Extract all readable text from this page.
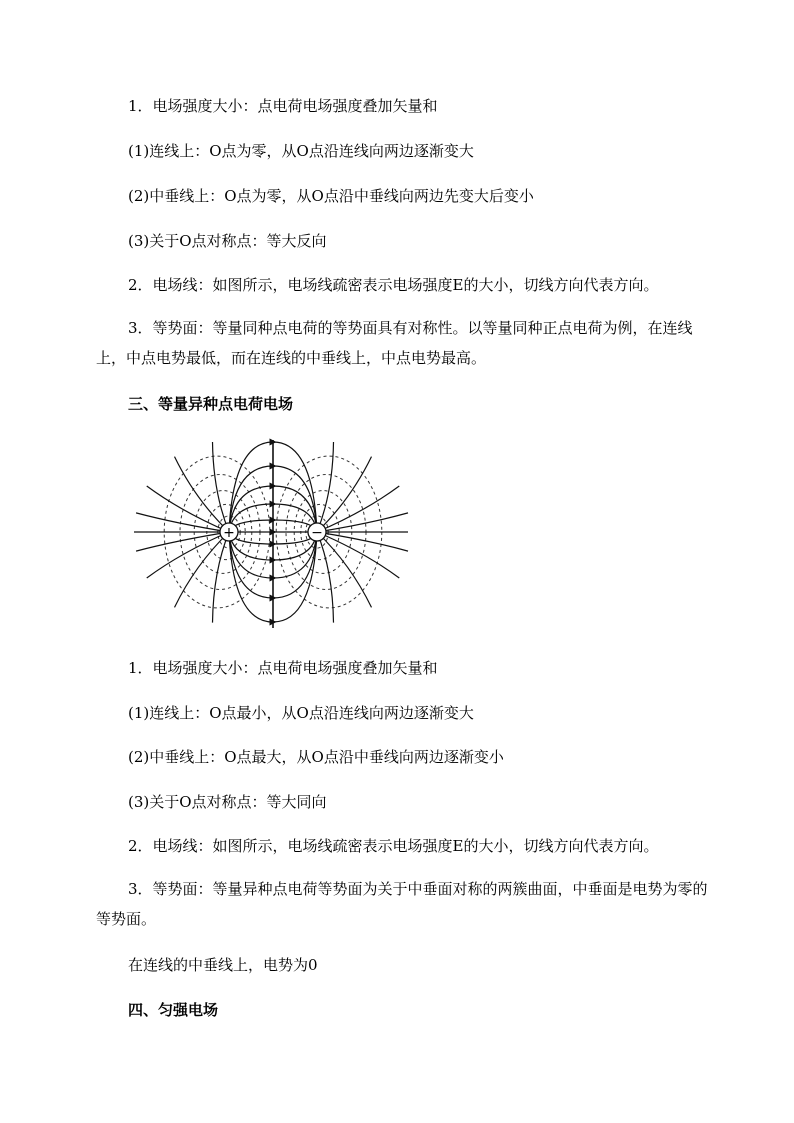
1．电场强度大小：点电荷电场强度叠加矢量和
(1)连线上：O点为零，从O点沿连线向两边逐渐变大
(2)中垂线上：O点为零，从O点沿中垂线向两边先变大后变小
(3)关于O点对称点：等大反向
2．电场线：如图所示，电场线疏密表示电场强度E的大小，切线方向代表方向。
3．等势面：等量同种点电荷的等势面具有对称性。以等量同种正点电荷为例，在连线上，中点电势最低，而在连线的中垂线上，中点电势最高。
三、等量异种点电荷电场
+	−
1．电场强度大小：点电荷电场强度叠加矢量和
(1)连线上：O点最小，从O点沿连线向两边逐渐变大
(2)中垂线上：O点最大，从O点沿中垂线向两边逐渐变小
(3)关于O点对称点：等大同向
2．电场线：如图所示，电场线疏密表示电场强度E的大小，切线方向代表方向。
3．等势面：等量异种点电荷等势面为关于中垂面对称的两簇曲面，中垂面是电势为零的等势面。
在连线的中垂线上，电势为0
四、匀强电场
